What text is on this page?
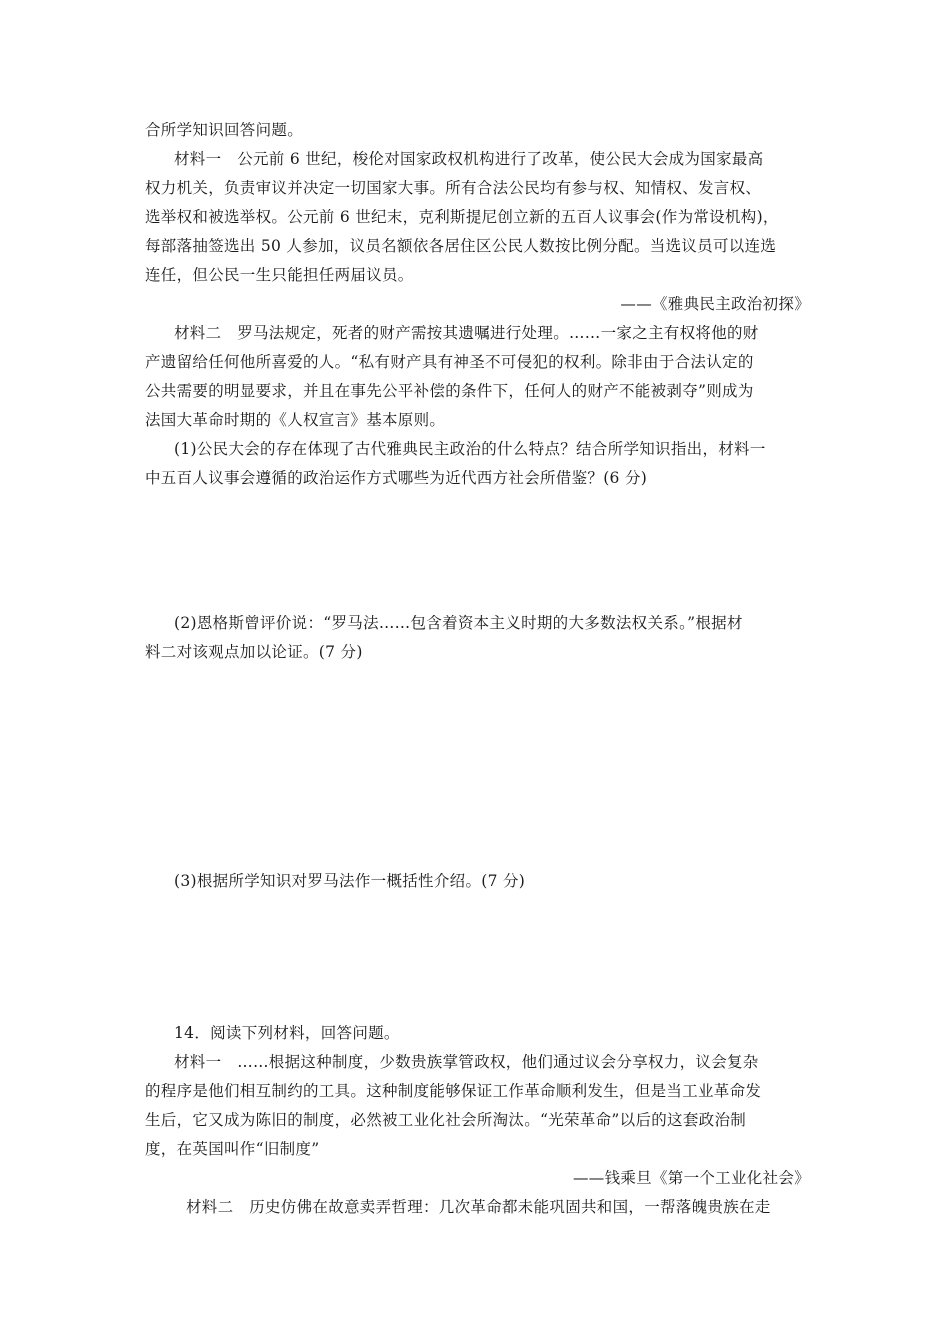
合所学知识回答问题。
材料一　公元前 6 世纪，梭伦对国家政权机构进行了改革，使公民大会成为国家最高
权力机关，负责审议并决定一切国家大事。所有合法公民均有参与权、知情权、发言权、
选举权和被选举权。公元前 6 世纪末，克利斯提尼创立新的五百人议事会(作为常设机构)，
每部落抽签选出 50 人参加，议员名额依各居住区公民人数按比例分配。当选议员可以连选
连任，但公民一生只能担任两届议员。
——《雅典民主政治初探》
材料二　罗马法规定，死者的财产需按其遗嘱进行处理。……一家之主有权将他的财
产遗留给任何他所喜爱的人。“私有财产具有神圣不可侵犯的权利。除非由于合法认定的
公共需要的明显要求，并且在事先公平补偿的条件下，任何人的财产不能被剥夺”则成为
法国大革命时期的《人权宣言》基本原则。
(1)公民大会的存在体现了古代雅典民主政治的什么特点？结合所学知识指出，材料一
中五百人议事会遵循的政治运作方式哪些为近代西方社会所借鉴？(6 分)
(2)恩格斯曾评价说：“罗马法……包含着资本主义时期的大多数法权关系。”根据材
料二对该观点加以论证。(7 分)
(3)根据所学知识对罗马法作一概括性介绍。(7 分)
14．阅读下列材料，回答问题。
材料一　……根据这种制度，少数贵族掌管政权，他们通过议会分享权力，议会复杂
的程序是他们相互制约的工具。这种制度能够保证工作革命顺利发生，但是当工业革命发
生后，它又成为陈旧的制度，必然被工业化社会所淘汰。“光荣革命”以后的这套政治制
度，在英国叫作“旧制度”
——钱乘旦《第一个工业化社会》
材料二　历史仿佛在故意卖弄哲理：几次革命都未能巩固共和国，一帮落魄贵族在走
